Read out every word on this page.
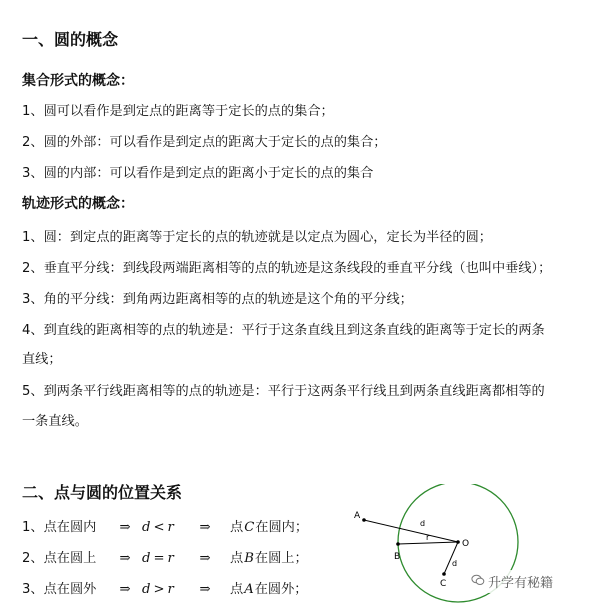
一、圆的概念
集合形式的概念：
1、圆可以看作是到定点的距离等于定长的点的集合；
2、圆的外部：可以看作是到定点的距离大于定长的点的集合；
3、圆的内部：可以看作是到定点的距离小于定长的点的集合
轨迹形式的概念：
1、圆：到定点的距离等于定长的点的轨迹就是以定点为圆心，定长为半径的圆；
2、垂直平分线：到线段两端距离相等的点的轨迹是这条线段的垂直平分线（也叫中垂线）；
3、角的平分线：到角两边距离相等的点的轨迹是这个角的平分线；
4、到直线的距离相等的点的轨迹是：平行于这条直线且到这条直线的距离等于定长的两条
直线；
5、到两条平行线距离相等的点的轨迹是：平行于这两条平行线且到两条直线距离都相等的
一条直线。
二、点与圆的位置关系
1、点在圆内 ⇒ d < r ⇒ 点C在圆内；
2、点在圆上 ⇒ d = r ⇒ 点B在圆上；
3、点在圆外 ⇒ d > r ⇒ 点A在圆外；
A
B
C
O
r
d
d
升学有秘籍
